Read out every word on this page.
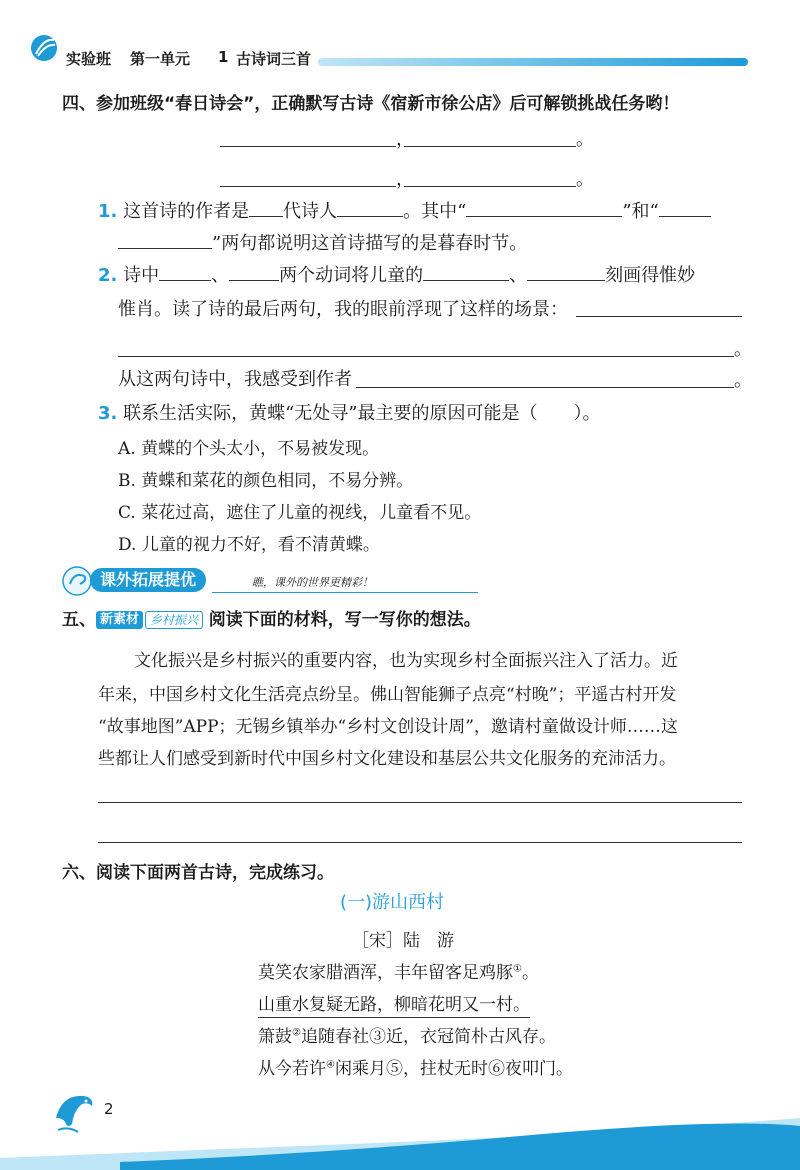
实验班 第一单元 1 古诗词三首
四、参加班级“春日诗会”，正确默写古诗《宿新市徐公店》后可解锁挑战任务哟！
，	。
，	。
1. 这首诗的作者是 代诗人	。其中“	”和“
”两句都说明这首诗描写的是暮春时节。
2. 诗中	、	两个动词将儿童的	、	刻画得惟妙
惟肖。读了诗的最后两句，我的眼前浮现了这样的场景：
。
从这两句诗中，我感受到作者	。
3. 联系生活实际，黄蝶“无处寻”最主要的原因可能是（　　）。
A. 黄蝶的个头太小，不易被发现。
B. 黄蝶和菜花的颜色相同，不易分辨。
C. 菜花过高，遮住了儿童的视线，儿童看不见。
D. 儿童的视力不好，看不清黄蝶。
课外拓展提优	瞧，课外的世界更精彩！
五、 新素材 乡村振兴 阅读下面的材料，写一写你的想法。
文化振兴是乡村振兴的重要内容，也为实现乡村全面振兴注入了活力。近
年来，中国乡村文化生活亮点纷呈。佛山智能狮子点亮“村晚”；平遥古村开发
“故事地图”APP；无锡乡镇举办“乡村文创设计周”，邀请村童做设计师……这
些都让人们感受到新时代中国乡村文化建设和基层公共文化服务的充沛活力。
六、阅读下面两首古诗，完成练习。
(一)游山西村
［宋］陆　游
莫笑农家腊酒浑，丰年留客足鸡豚①。
山重水复疑无路，柳暗花明又一村。
箫鼓②追随春社③近，衣冠简朴古风存。
从今若许④闲乘月⑤，拄杖无时⑥夜叩门。
2
